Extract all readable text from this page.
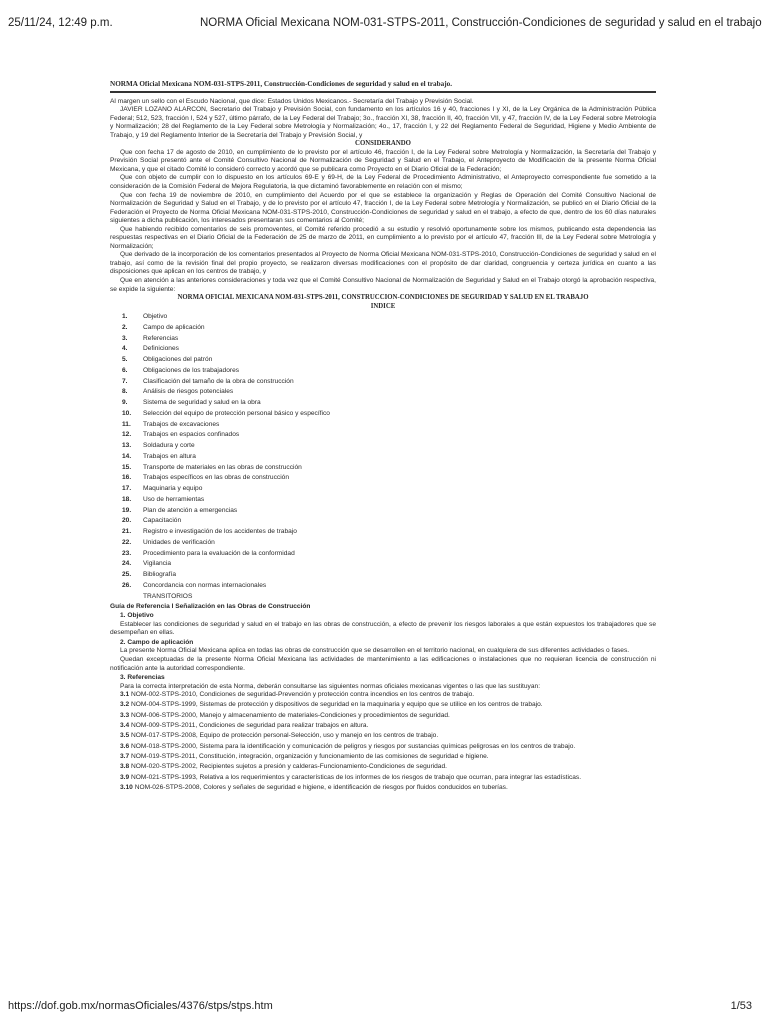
25/11/24, 12:49 p.m.	NORMA Oficial Mexicana NOM-031-STPS-2011, Construcción-Condiciones de seguridad y salud en el trabajo
NORMA Oficial Mexicana NOM-031-STPS-2011, Construcción-Condiciones de seguridad y salud en el trabajo.

Al margen un sello con el Escudo Nacional, que dice: Estados Unidos Mexicanos.- Secretaría del Trabajo y Previsión Social.

JAVIER LOZANO ALARCON, Secretario del Trabajo y Previsión Social, con fundamento en los artículos 16 y 40, fracciones I y XI, de la Ley Orgánica de la Administración Pública Federal; 512, 523, fracción I, 524 y 527, último párrafo, de la Ley Federal del Trabajo; 3o., fracción XI, 38, fracción II, 40, fracción VII, y 47, fracción IV, de la Ley Federal sobre Metrología y Normalización; 28 del Reglamento de la Ley Federal sobre Metrología y Normalización; 4o., 17, fracción I, y 22 del Reglamento Federal de Seguridad, Higiene y Medio Ambiente de Trabajo, y 19 del Reglamento Interior de la Secretaría del Trabajo y Previsión Social, y

CONSIDERANDO

Que con fecha 17 de agosto de 2010, en cumplimiento de lo previsto por el artículo 46, fracción I, de la Ley Federal sobre Metrología y Normalización, la Secretaría del Trabajo y Previsión Social presentó ante el Comité Consultivo Nacional de Normalización de Seguridad y Salud en el Trabajo, el Anteproyecto de Modificación de la presente Norma Oficial Mexicana, y que el citado Comité lo consideró correcto y acordó que se publicara como Proyecto en el Diario Oficial de la Federación;

Que con objeto de cumplir con lo dispuesto en los artículos 69-E y 69-H, de la Ley Federal de Procedimiento Administrativo, el Anteproyecto correspondiente fue sometido a la consideración de la Comisión Federal de Mejora Regulatoria, la que dictaminó favorablemente en relación con el mismo;

Que con fecha 19 de noviembre de 2010, en cumplimiento del Acuerdo por el que se establece la organización y Reglas de Operación del Comité Consultivo Nacional de Normalización de Seguridad y Salud en el Trabajo, y de lo previsto por el artículo 47, fracción I, de la Ley Federal sobre Metrología y Normalización, se publicó en el Diario Oficial de la Federación el Proyecto de Norma Oficial Mexicana NOM-031-STPS-2010, Construcción-Condiciones de seguridad y salud en el trabajo, a efecto de que, dentro de los 60 días naturales siguientes a dicha publicación, los interesados presentaran sus comentarios al Comité;

Que habiendo recibido comentarios de seis promoventes, el Comité referido procedió a su estudio y resolvió oportunamente sobre los mismos, publicando esta dependencia las respuestas respectivas en el Diario Oficial de la Federación de 25 de marzo de 2011, en cumplimiento a lo previsto por el artículo 47, fracción III, de la Ley Federal sobre Metrología y Normalización;

Que derivado de la incorporación de los comentarios presentados al Proyecto de Norma Oficial Mexicana NOM-031-STPS-2010, Construcción-Condiciones de seguridad y salud en el trabajo, así como de la revisión final del propio proyecto, se realizaron diversas modificaciones con el propósito de dar claridad, congruencia y certeza jurídica en cuanto a las disposiciones que aplican en los centros de trabajo, y

Que en atención a las anteriores consideraciones y toda vez que el Comité Consultivo Nacional de Normalización de Seguridad y Salud en el Trabajo otorgó la aprobación respectiva, se expide la siguiente:

NORMA OFICIAL MEXICANA NOM-031-STPS-2011, CONSTRUCCION-CONDICIONES DE SEGURIDAD Y SALUD EN EL TRABAJO
INDICE
1.	Objetivo
2.	Campo de aplicación
3.	Referencias
4.	Definiciones
5.	Obligaciones del patrón
6.	Obligaciones de los trabajadores
7.	Clasificación del tamaño de la obra de construcción
8.	Análisis de riesgos potenciales
9.	Sistema de seguridad y salud en la obra
10.	Selección del equipo de protección personal básico y específico
11.	Trabajos de excavaciones
12.	Trabajos en espacios confinados
13.	Soldadura y corte
14.	Trabajos en altura
15.	Transporte de materiales en las obras de construcción
16.	Trabajos específicos en las obras de construcción
17.	Maquinaria y equipo
18.	Uso de herramientas
19.	Plan de atención a emergencias
20.	Capacitación
21.	Registro e investigación de los accidentes de trabajo
22.	Unidades de verificación
23.	Procedimiento para la evaluación de la conformidad
24.	Vigilancia
25.	Bibliografía
26.	Concordancia con normas internacionales
TRANSITORIOS
Guía de Referencia I Señalización en las Obras de Construcción
1. Objetivo

Establecer las condiciones de seguridad y salud en el trabajo en las obras de construcción, a efecto de prevenir los riesgos laborales a que están expuestos los trabajadores que se desempeñan en ellas.

2. Campo de aplicación

La presente Norma Oficial Mexicana aplica en todas las obras de construcción que se desarrollen en el territorio nacional, en cualquiera de sus diferentes actividades o fases.

Quedan exceptuadas de la presente Norma Oficial Mexicana las actividades de mantenimiento a las edificaciones o instalaciones que no requieran licencia de construcción ni notificación ante la autoridad correspondiente.

3. Referencias

Para la correcta interpretación de esta Norma, deberán consultarse las siguientes normas oficiales mexicanas vigentes o las que las sustituyan:

3.1 NOM-002-STPS-2010, Condiciones de seguridad-Prevención y protección contra incendios en los centros de trabajo.
3.2 NOM-004-STPS-1999, Sistemas de protección y dispositivos de seguridad en la maquinaria y equipo que se utilice en los centros de trabajo.
3.3 NOM-006-STPS-2000, Manejo y almacenamiento de materiales-Condiciones y procedimientos de seguridad.
3.4 NOM-009-STPS-2011, Condiciones de seguridad para realizar trabajos en altura.
3.5 NOM-017-STPS-2008, Equipo de protección personal-Selección, uso y manejo en los centros de trabajo.
3.6 NOM-018-STPS-2000, Sistema para la identificación y comunicación de peligros y riesgos por sustancias químicas peligrosas en los centros de trabajo.
3.7 NOM-019-STPS-2011, Constitución, integración, organización y funcionamiento de las comisiones de seguridad e higiene.
3.8 NOM-020-STPS-2002, Recipientes sujetos a presión y calderas-Funcionamiento-Condiciones de seguridad.
3.9 NOM-021-STPS-1993, Relativa a los requerimientos y características de los informes de los riesgos de trabajo que ocurran, para integrar las estadísticas.
3.10 NOM-026-STPS-2008, Colores y señales de seguridad e higiene, e identificación de riesgos por fluidos conducidos en tuberías.
https://dof.gob.mx/normasOficiales/4376/stps/stps.htm	1/53
